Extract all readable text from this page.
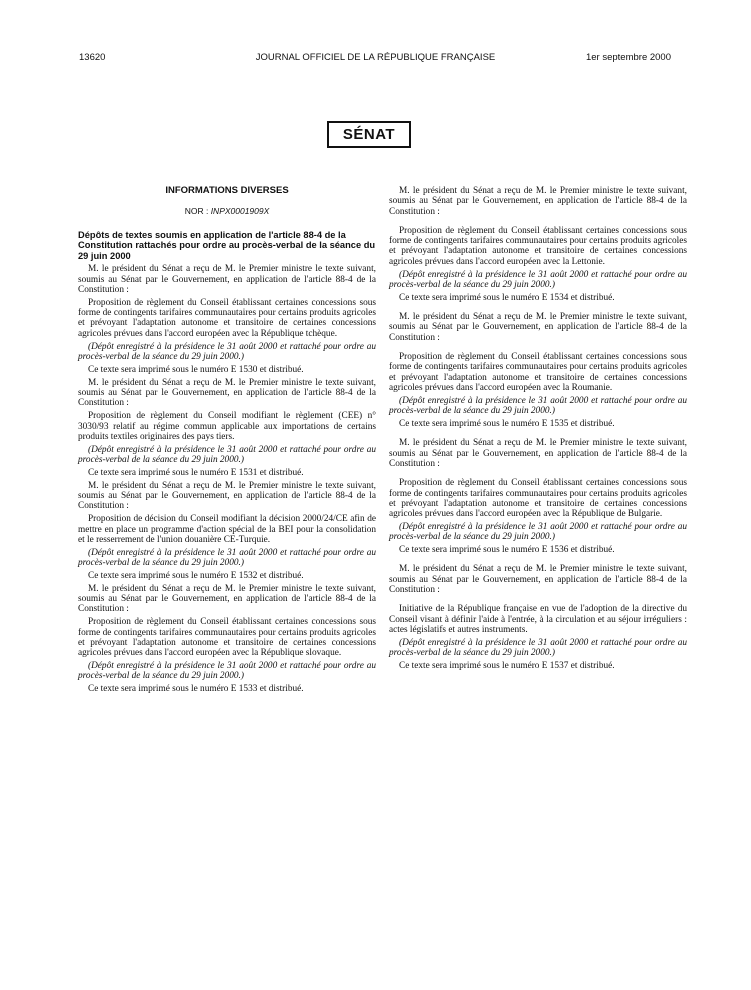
JOURNAL OFFICIEL DE LA RÉPUBLIQUE FRANÇAISE
13620	1er septembre 2000
SÉNAT
INFORMATIONS DIVERSES
NOR : INPX0001909X
Dépôts de textes soumis en application de l'article 88-4 de la Constitution rattachés pour ordre au procès-verbal de la séance du 29 juin 2000

M. le président du Sénat a reçu de M. le Premier ministre le texte suivant, soumis au Sénat par le Gouvernement, en application de l'article 88-4 de la Constitution :

Proposition de règlement du Conseil établissant certaines concessions sous forme de contingents tarifaires communautaires pour certains produits agricoles et prévoyant l'adaptation autonome et transitoire de certaines concessions agricoles prévues dans l'accord européen avec la République tchèque.

(Dépôt enregistré à la présidence le 31 août 2000 et rattaché pour ordre au procès-verbal de la séance du 29 juin 2000.)

Ce texte sera imprimé sous le numéro E 1530 et distribué.

M. le président du Sénat a reçu de M. le Premier ministre le texte suivant, soumis au Sénat par le Gouvernement, en application de l'article 88-4 de la Constitution :

Proposition de règlement du Conseil modifiant le règlement (CEE) n° 3030/93 relatif au régime commun applicable aux importations de certains produits textiles originaires des pays tiers.

(Dépôt enregistré à la présidence le 31 août 2000 et rattaché pour ordre au procès-verbal de la séance du 29 juin 2000.)

Ce texte sera imprimé sous le numéro E 1531 et distribué.

M. le président du Sénat a reçu de M. le Premier ministre le texte suivant, soumis au Sénat par le Gouvernement, en application de l'article 88-4 de la Constitution :

Proposition de décision du Conseil modifiant la décision 2000/24/CE afin de mettre en place un programme d'action spécial de la BEI pour la consolidation et le resserrement de l'union douanière CE-Turquie.

(Dépôt enregistré à la présidence le 31 août 2000 et rattaché pour ordre au procès-verbal de la séance du 29 juin 2000.)

Ce texte sera imprimé sous le numéro E 1532 et distribué.

M. le président du Sénat a reçu de M. le Premier ministre le texte suivant, soumis au Sénat par le Gouvernement, en application de l'article 88-4 de la Constitution :

Proposition de règlement du Conseil établissant certaines concessions sous forme de contingents tarifaires communautaires pour certains produits agricoles et prévoyant l'adaptation autonome et transitoire de certaines concessions agricoles prévues dans l'accord européen avec la République slovaque.

(Dépôt enregistré à la présidence le 31 août 2000 et rattaché pour ordre au procès-verbal de la séance du 29 juin 2000.)

Ce texte sera imprimé sous le numéro E 1533 et distribué.

M. le président du Sénat a reçu de M. le Premier ministre le texte suivant, soumis au Sénat par le Gouvernement, en application de l'article 88-4 de la Constitution :

Proposition de règlement du Conseil établissant certaines concessions sous forme de contingents tarifaires communautaires pour certains produits agricoles et prévoyant l'adaptation autonome et transitoire de certaines concessions agricoles prévues dans l'accord européen avec la Lettonie.

(Dépôt enregistré à la présidence le 31 août 2000 et rattaché pour ordre au procès-verbal de la séance du 29 juin 2000.)

Ce texte sera imprimé sous le numéro E 1534 et distribué.

M. le président du Sénat a reçu de M. le Premier ministre le texte suivant, soumis au Sénat par le Gouvernement, en application de l'article 88-4 de la Constitution :

Proposition de règlement du Conseil établissant certaines concessions sous forme de contingents tarifaires communautaires pour certains produits agricoles et prévoyant l'adaptation autonome et transitoire de certaines concessions agricoles prévues dans l'accord européen avec la Roumanie.

(Dépôt enregistré à la présidence le 31 août 2000 et rattaché pour ordre au procès-verbal de la séance du 29 juin 2000.)

Ce texte sera imprimé sous le numéro E 1535 et distribué.

M. le président du Sénat a reçu de M. le Premier ministre le texte suivant, soumis au Sénat par le Gouvernement, en application de l'article 88-4 de la Constitution :

Proposition de règlement du Conseil établissant certaines concessions sous forme de contingents tarifaires communautaires pour certains produits agricoles et prévoyant l'adaptation autonome et transitoire de certaines concessions agricoles prévues dans l'accord européen avec la République de Bulgarie.

(Dépôt enregistré à la présidence le 31 août 2000 et rattaché pour ordre au procès-verbal de la séance du 29 juin 2000.)

Ce texte sera imprimé sous le numéro E 1536 et distribué.

M. le président du Sénat a reçu de M. le Premier ministre le texte suivant, soumis au Sénat par le Gouvernement, en application de l'article 88-4 de la Constitution :

Initiative de la République française en vue de l'adoption de la directive du Conseil visant à définir l'aide à l'entrée, à la circulation et au séjour irréguliers : actes législatifs et autres instruments.

(Dépôt enregistré à la présidence le 31 août 2000 et rattaché pour ordre au procès-verbal de la séance du 29 juin 2000.)

Ce texte sera imprimé sous le numéro E 1537 et distribué.
